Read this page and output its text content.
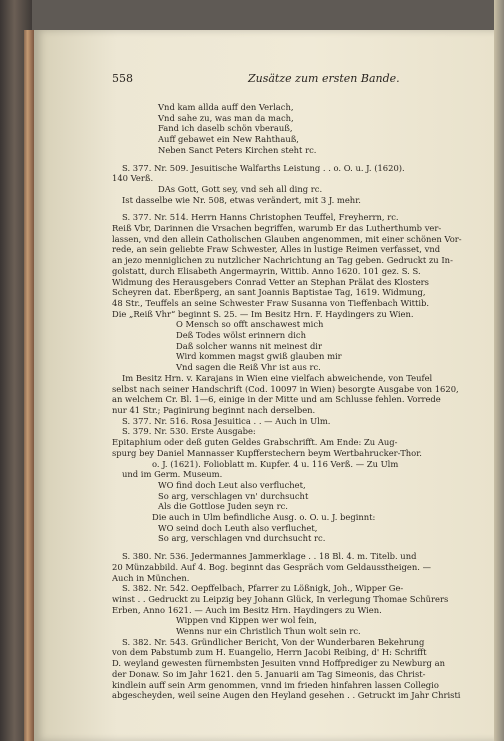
558	Zusätze zum ersten Bande.
Vnd kam allda auff den Verlach,
Vnd sahe zu, was man da mach,
Fand ich daselb schön vberauß,
Auff gebawet ein New Rahthauß,
Neben Sanct Peters Kirchen steht rc.
S. 377. Nr. 509. Jesuitische Walfarths Leistung . . o. O. u. J. (1620).
140 Verß.
DAs Gott, Gott sey, vnd seh all ding rc.
Ist dasselbe wie Nr. 508, etwas verändert, mit 3 J. mehr.
S. 377. Nr. 514. Herrn Hanns Christophen Teuffel, Freyherrn, rc.
Reiß Vbr, Darinnen die Vrsachen begriffen, warumb Er das Lutherthumb ver-
lassen, vnd den allein Catholischen Glauben angenommen, mit einer schönen Vor-
rede, an sein geliebte Fraw Schwester, Alles in lustige Reimen verfasset, vnd
an jezo menniglichen zu nutzlicher Nachrichtung an Tag geben. Gedruckt zu In-
golstatt, durch Elisabeth Angermayrin, Wittib. Anno 1620. 101 gez. S. S.
Widmung des Herausgebers Conrad Vetter an Stephan Prälat des Klosters
Scheyren dat. Eberßperg, an sant Joannis Baptistae Tag, 1619. Widmung,
48 Str., Teuffels an seine Schwester Fraw Susanna von Tieffenbach Wittib.
Die „Reiß Vhr“ beginnt S. 25. — Im Besitz Hrn. F. Haydingers zu Wien.
O Mensch so offt anschawest mich
Deß Todes wölst erinnern dich
Daß solcher wanns nit meinest dir
Wird kommen magst gwiß glauben mir
Vnd sagen die Reiß Vhr ist aus rc.
Im Besitz Hrn. v. Karajans in Wien eine vielfach abweichende, von Teufel
selbst nach seiner Handschrift (Cod. 10097 in Wien) besorgte Ausgabe von 1620,
an welchem Cr. Bl. 1—6, einige in der Mitte und am Schlusse fehlen. Vorrede
nur 41 Str.; Paginirung beginnt nach derselben.
S. 377. Nr. 516. Rosa Jesuitica . . — Auch in Ulm.
S. 379. Nr. 530. Erste Ausgabe:
Epitaphium oder deß guten Geldes Grabschrifft. Am Ende: Zu Aug-
spurg bey Daniel Mannasser Kupfferstechern beym Wertbahrucker-Thor.
o. J. (1621). Folioblatt m. Kupfer. 4 u. 116 Verß. — Zu Ulm
und im Germ. Museum.
WO find doch Leut also verfluchet,
So arg, verschlagen vn' durchsucht
Als die Gottlose Juden seyn rc.
Die auch in Ulm befindliche Ausg. o. O. u. J. beginnt:
WO seind doch Leuth also verfluchet,
So arg, verschlagen vnd durchsucht rc.
S. 380. Nr. 536. Jedermannes Jammerklage . . 18 Bl. 4. m. Titelb. und
20 Münzabbild. Auf 4. Bog. beginnt das Gespräch vom Geldausstheigen. —
Auch in München.
S. 382. Nr. 542. Oepffelbach, Pfarrer zu Lößnigk, Joh., Wipper Ge-
winst . . Gedruckt zu Leipzig bey Johann Glück, In verlegung Thomae Schürers
Erben, Anno 1621. — Auch im Besitz Hrn. Haydingers zu Wien.
Wippen vnd Kippen wer wol fein,
Wenns nur ein Christlich Thun wolt sein rc.
S. 382. Nr. 543. Gründlicher Bericht, Von der Wunderbaren Bekehrung
von dem Pabstumb zum H. Euangelio, Herrn Jacobi Reibing, d' H: Schrifft
D. weyland gewesten fürnembsten Jesuiten vnnd Hoffprediger zu Newburg an
der Donaw. So im Jahr 1621. den 5. Januarii am Tag Simeonis, das Christ-
kindlein auff sein Arm genommen, vnnd im frieden hinfahren lassen Collegio
abgescheyden, weil seine Augen den Heyland gesehen . . Getruckt im Jahr Christi
